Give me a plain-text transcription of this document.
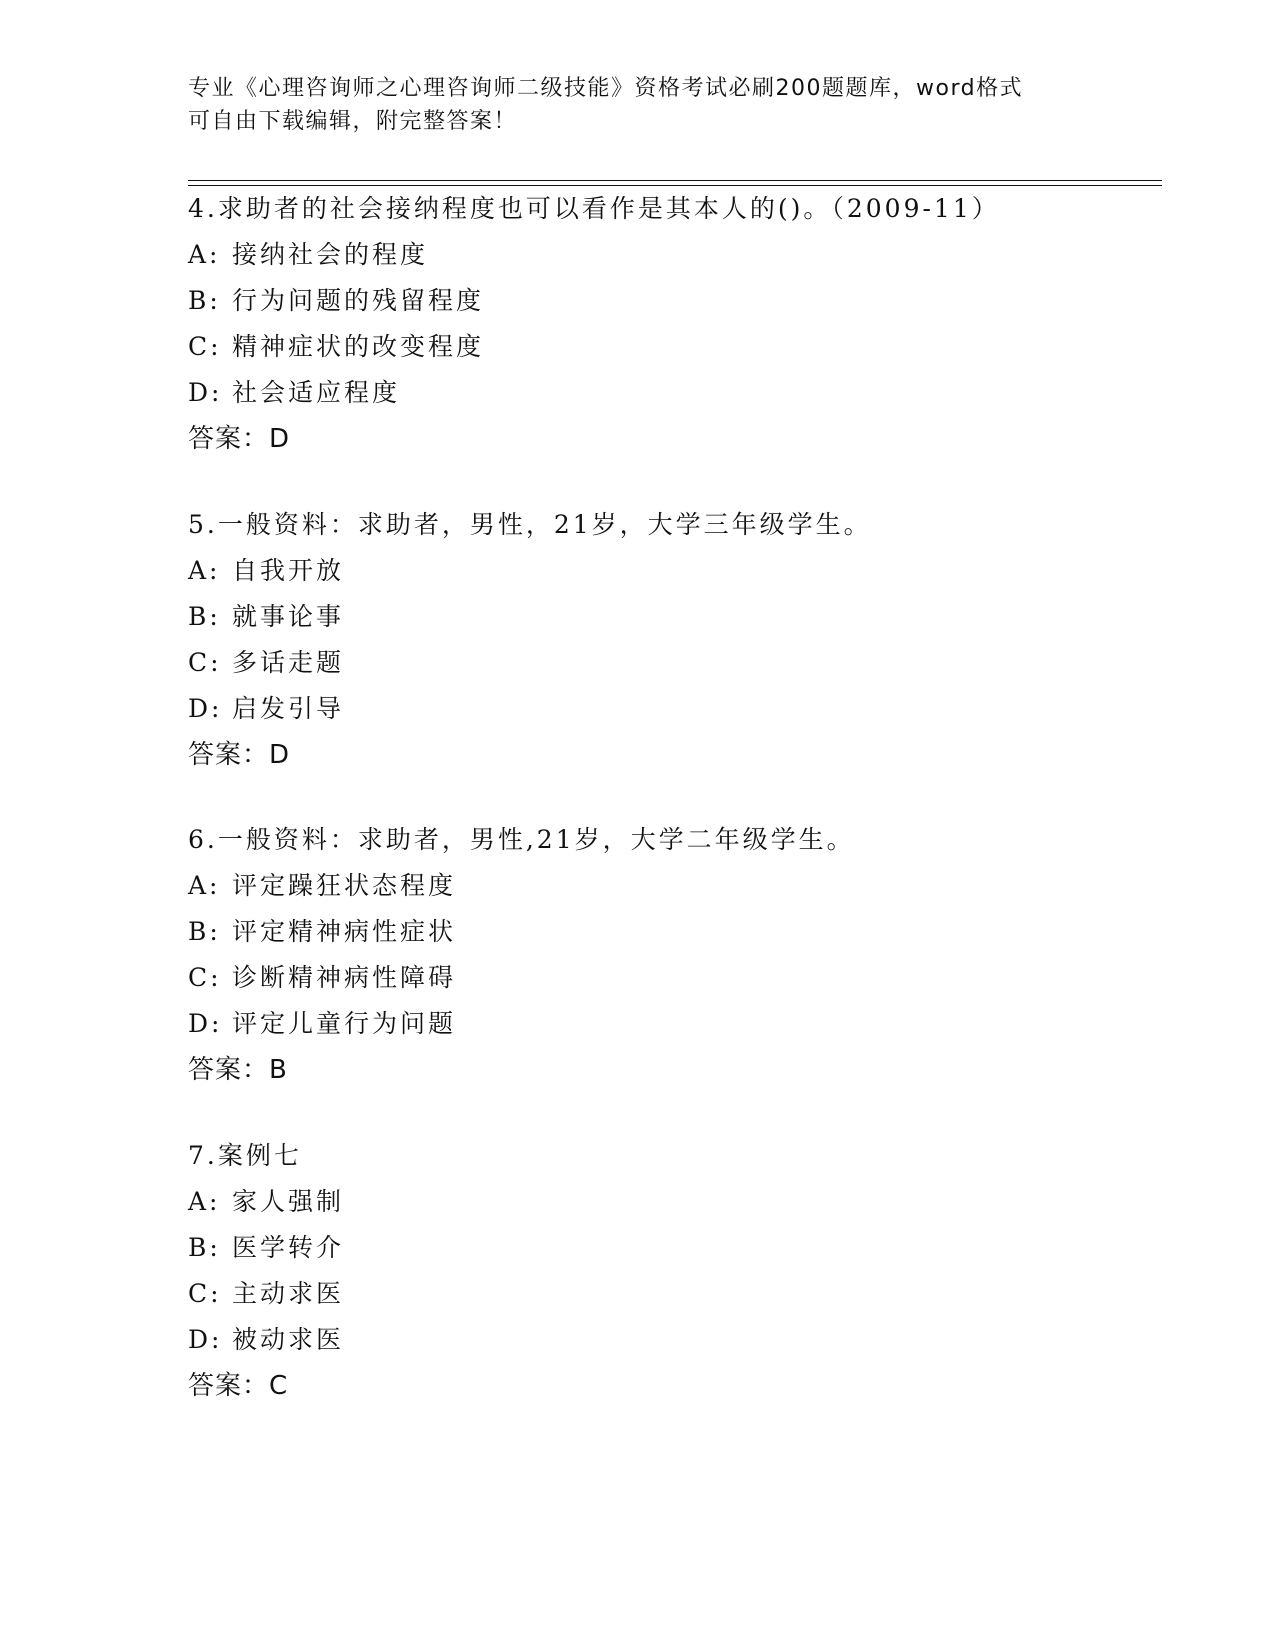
专业《心理咨询师之心理咨询师二级技能》资格考试必刷200题题库，word格式
可自由下载编辑，附完整答案！
4.求助者的社会接纳程度也可以看作是其本人的()。（2009-11）
A: 接纳社会的程度
B: 行为问题的残留程度
C: 精神症状的改变程度
D: 社会适应程度
答案：D
5.一般资料：求助者，男性，21岁，大学三年级学生。
A: 自我开放
B: 就事论事
C: 多话走题
D: 启发引导
答案：D
6.一般资料：求助者，男性,21岁，大学二年级学生。
A: 评定躁狂状态程度
B: 评定精神病性症状
C: 诊断精神病性障碍
D: 评定儿童行为问题
答案：B
7.案例七
A: 家人强制
B: 医学转介
C: 主动求医
D: 被动求医
答案：C
